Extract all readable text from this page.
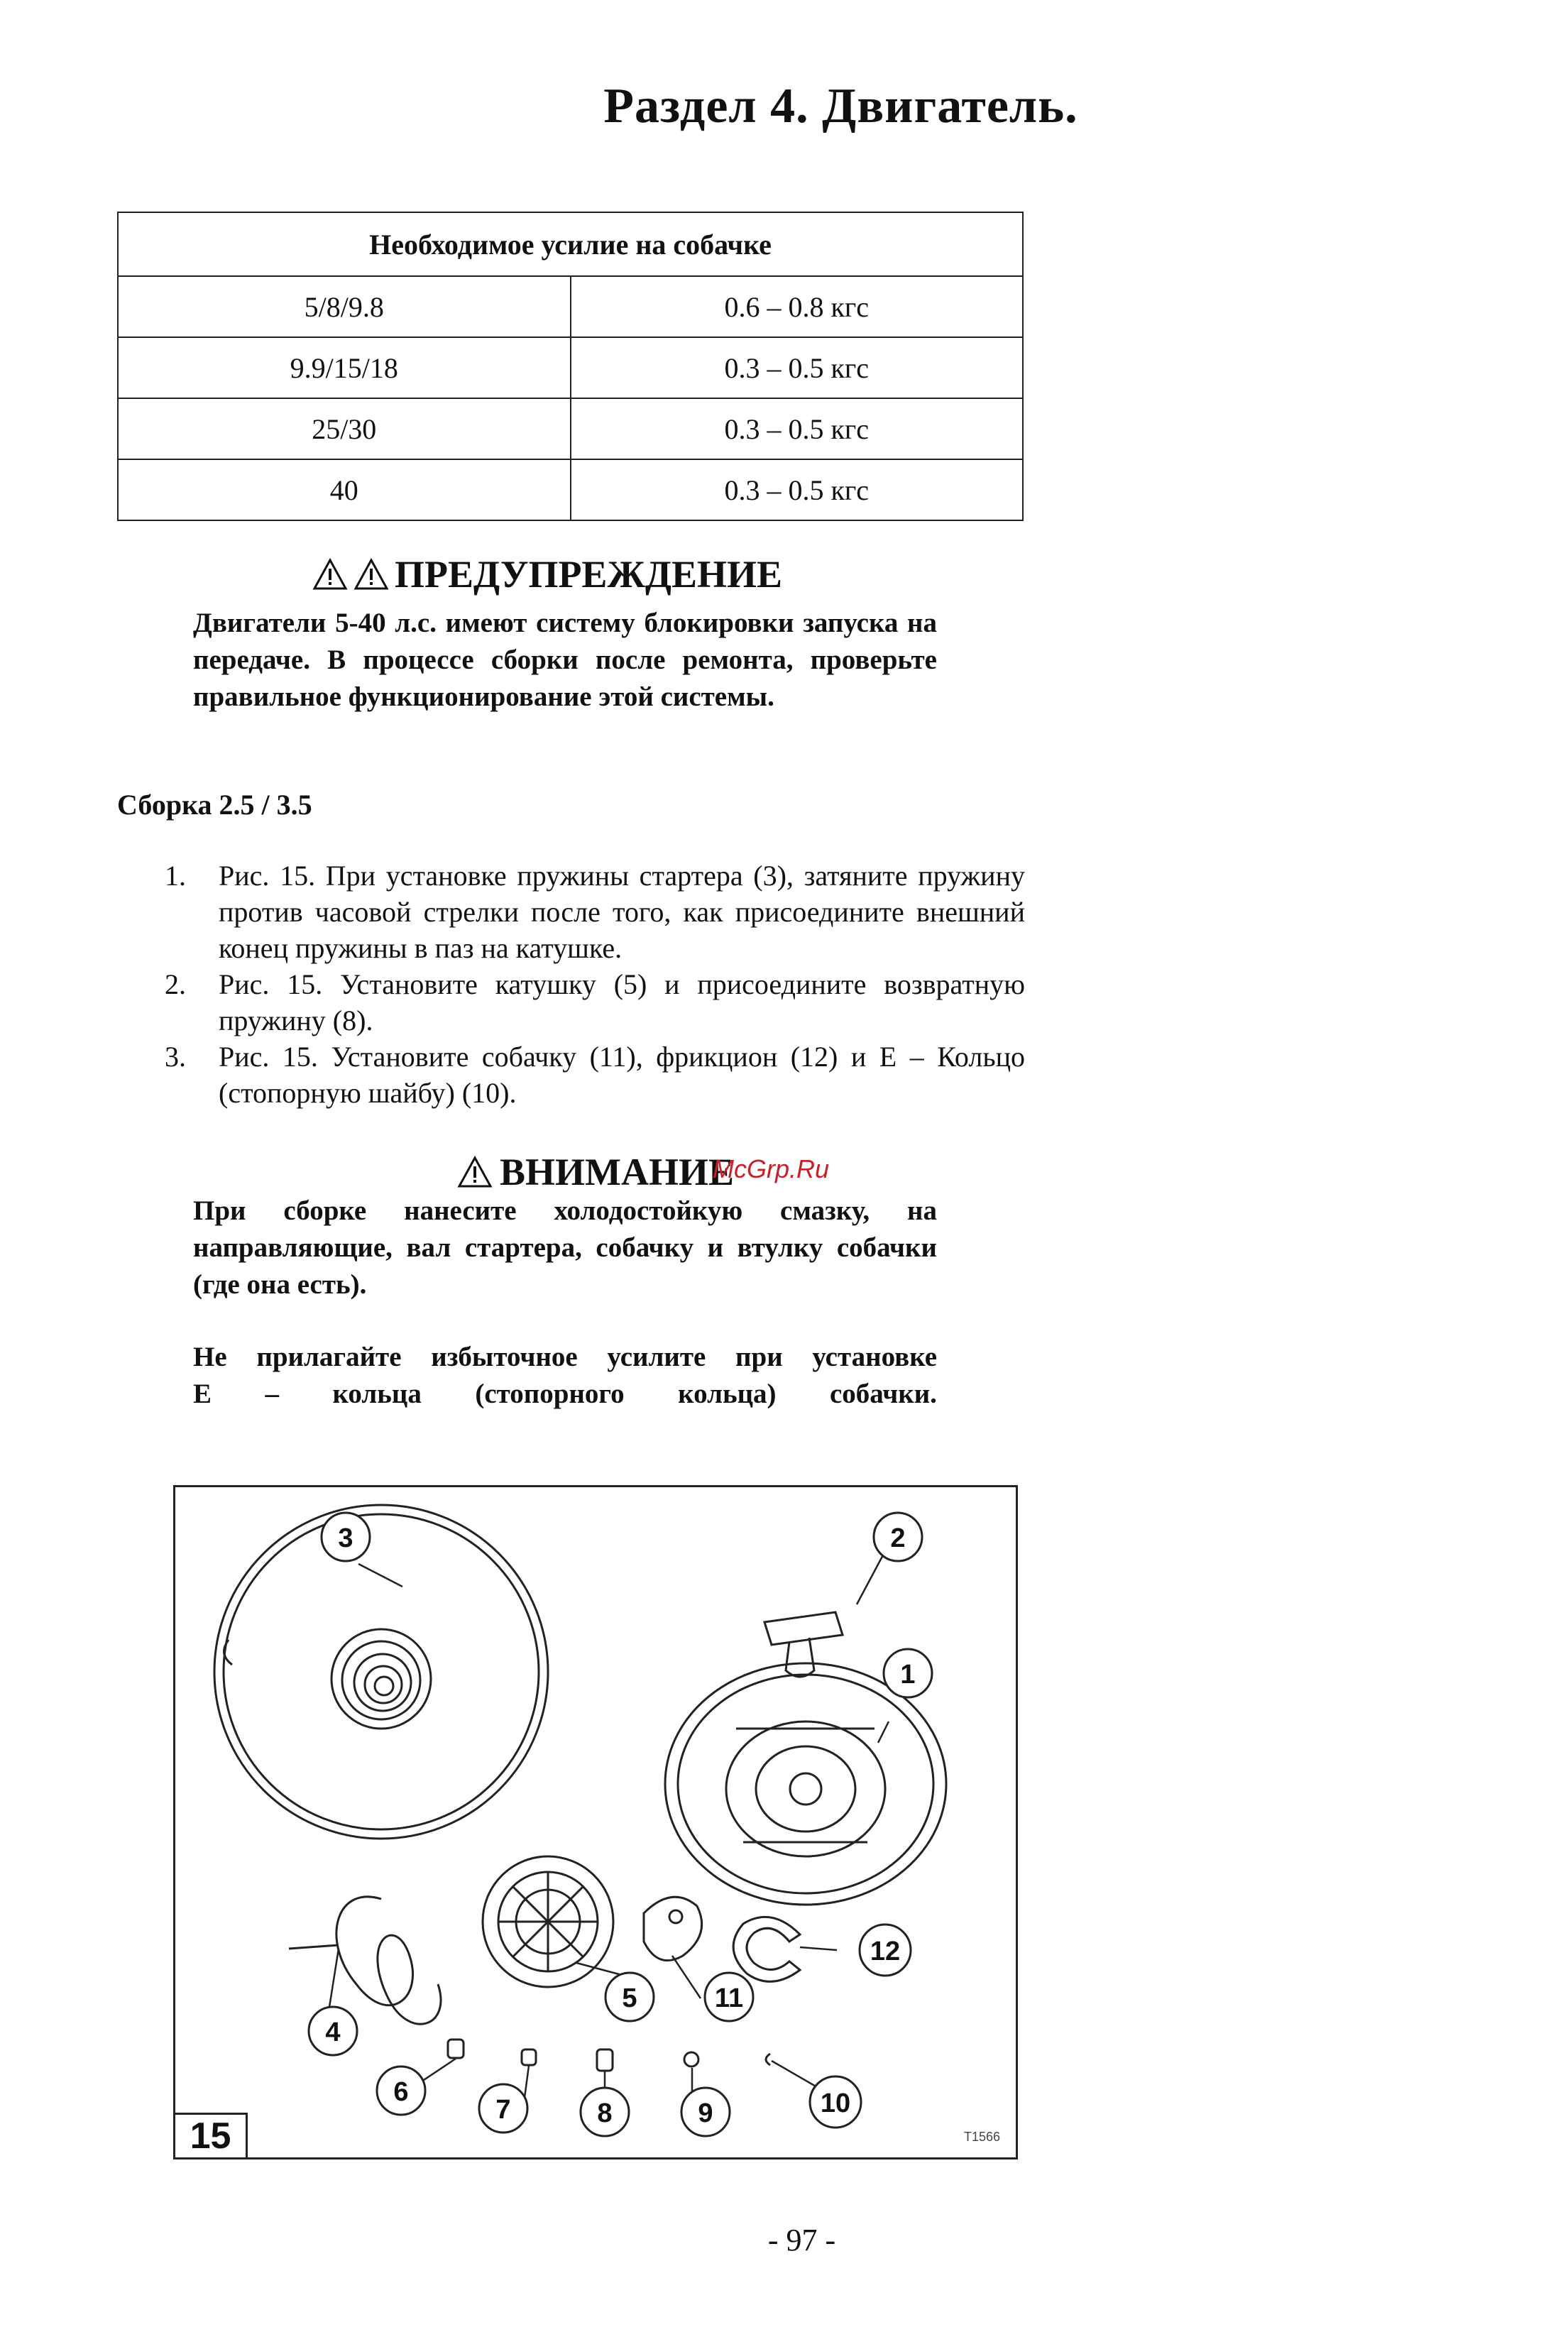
Раздел 4. Двигатель.
Необходимое усилие на собачке	
5/8/9.8	0.6 – 0.8 кгс
9.9/15/18	0.3 – 0.5 кгс
25/30	0.3 – 0.5 кгс
40	0.3 – 0.5 кгс
ПРЕДУПРЕЖДЕНИЕ
Двигатели 5-40 л.с. имеют систему блокировки запуска на передаче. В процессе сборки после ремонта, проверьте правильное функционирование этой системы.
Сборка 2.5 / 3.5
1. Рис. 15. При установке пружины стартера (3), затяните пружину против часовой стрелки после того, как присоедините внешний конец пружины в паз на катушке.
2. Рис. 15. Установите катушку (5) и присоедините возвратную пружину (8).
3. Рис. 15. Установите собачку (11), фрикцион (12) и Е – Кольцо (стопорную шайбу) (10).
ВНИМАНИЕ
McGrp.Ru
При сборке нанесите холодостойкую смазку, на направляющие, вал стартера, собачку и втулку собачки (где она есть).
Не прилагайте избыточное усилите при установке
Е – кольца (стопорного кольца) собачки.
3	2
1
4
5	11
12
6
7	8	9	10
15	T1566
- 97 -
